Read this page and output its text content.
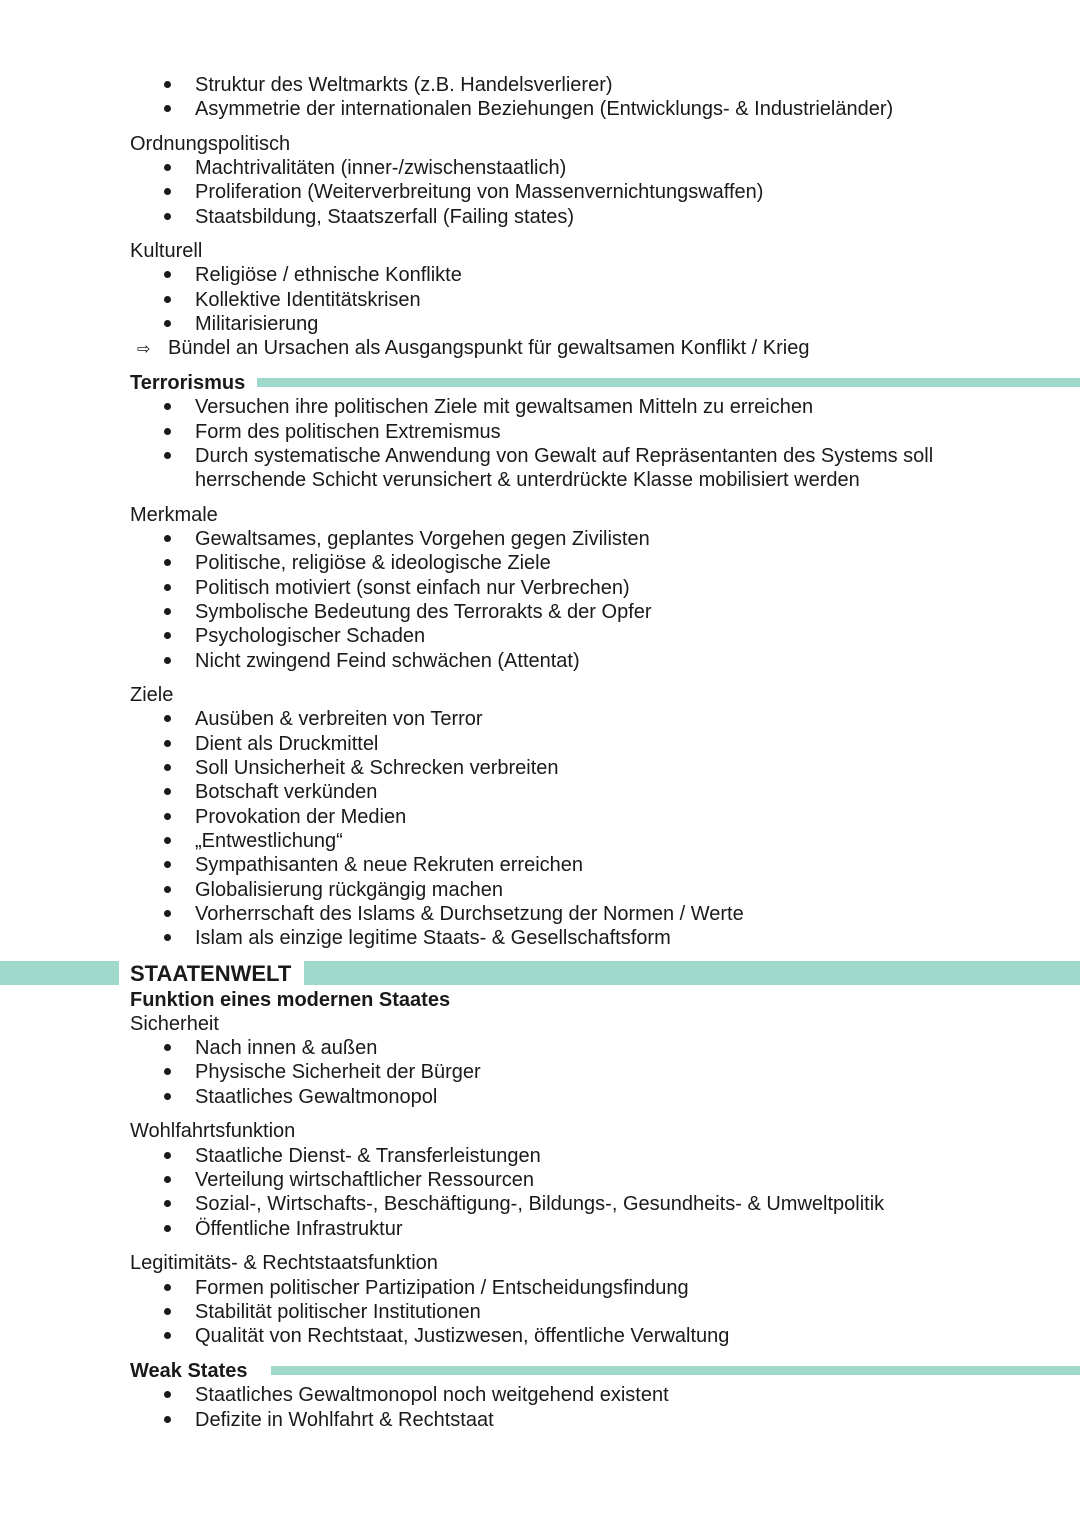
Struktur des Weltmarkts (z.B. Handelsverlierer)
Asymmetrie der internationalen Beziehungen (Entwicklungs- & Industrieländer)
Ordnungspolitisch
Machtrivalitäten (inner-/zwischenstaatlich)
Proliferation (Weiterverbreitung von Massenvernichtungswaffen)
Staatsbildung, Staatszerfall (Failing states)
Kulturell
Religiöse / ethnische Konflikte
Kollektive Identitätskrisen
Militarisierung
⇨ Bündel an Ursachen als Ausgangspunkt für gewaltsamen Konflikt / Krieg
Terrorismus
Versuchen ihre politischen Ziele mit gewaltsamen Mitteln zu erreichen
Form des politischen Extremismus
Durch systematische Anwendung von Gewalt auf Repräsentanten des Systems soll
herrschende Schicht verunsichert & unterdrückte Klasse mobilisiert werden
Merkmale
Gewaltsames, geplantes Vorgehen gegen Zivilisten
Politische, religiöse & ideologische Ziele
Politisch motiviert (sonst einfach nur Verbrechen)
Symbolische Bedeutung des Terrorakts & der Opfer
Psychologischer Schaden
Nicht zwingend Feind schwächen (Attentat)
Ziele
Ausüben & verbreiten von Terror
Dient als Druckmittel
Soll Unsicherheit & Schrecken verbreiten
Botschaft verkünden
Provokation der Medien
„Entwestlichung“
Sympathisanten & neue Rekruten erreichen
Globalisierung rückgängig machen
Vorherrschaft des Islams & Durchsetzung der Normen / Werte
Islam als einzige legitime Staats- & Gesellschaftsform
STAATENWELT
Funktion eines modernen Staates
Sicherheit
Nach innen & außen
Physische Sicherheit der Bürger
Staatliches Gewaltmonopol
Wohlfahrtsfunktion
Staatliche Dienst- & Transferleistungen
Verteilung wirtschaftlicher Ressourcen
Sozial-, Wirtschafts-, Beschäftigung-, Bildungs-, Gesundheits- & Umweltpolitik
Öffentliche Infrastruktur
Legitimitäts- & Rechtstaatsfunktion
Formen politischer Partizipation / Entscheidungsfindung
Stabilität politischer Institutionen
Qualität von Rechtstaat, Justizwesen, öffentliche Verwaltung
Weak States
Staatliches Gewaltmonopol noch weitgehend existent
Defizite in Wohlfahrt & Rechtstaat
